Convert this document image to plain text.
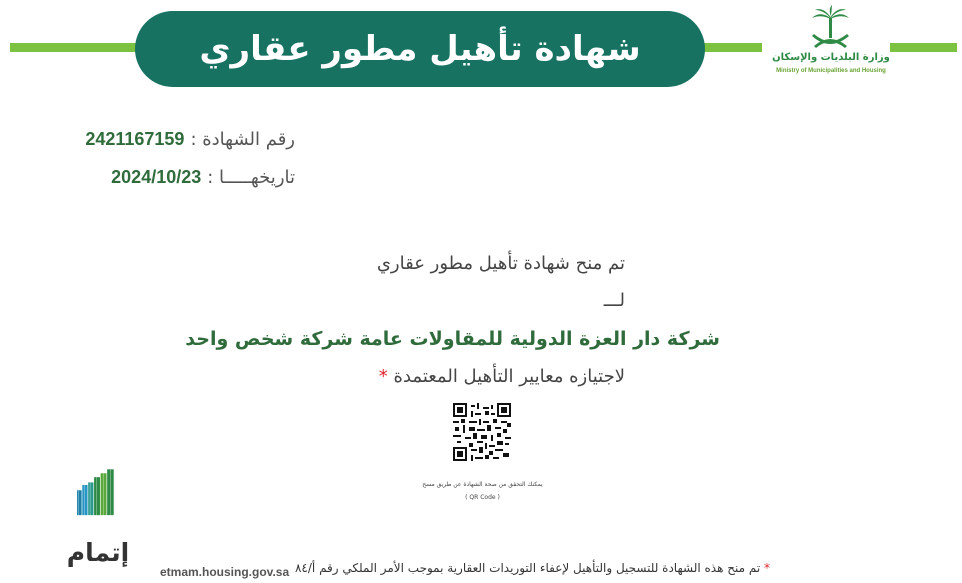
شهادة تأهيل مطور عقاري	وزارة البلديات والإسكان
Ministry of Municipalities and Housing
2421167159 رقم الشهادة :
2024/10/23 تاريخهـــــا :
تم منح شهادة تأهيل مطور عقاري
لـــ
شركة دار العزة الدولية للمقاولات عامة شركة شخص واحد
لاجتيازه معايير التأهيل المعتمدة *
يمكنك التحقق من صحة الشهادة عن طريق مسح
( QR Code )
إتمام
etmam.housing.gov.sa	* تم منح هذه الشهادة للتسجيل والتأهيل لإعفاء التوريدات العقارية بموجب الأمر الملكي رقم أ/٨٤
